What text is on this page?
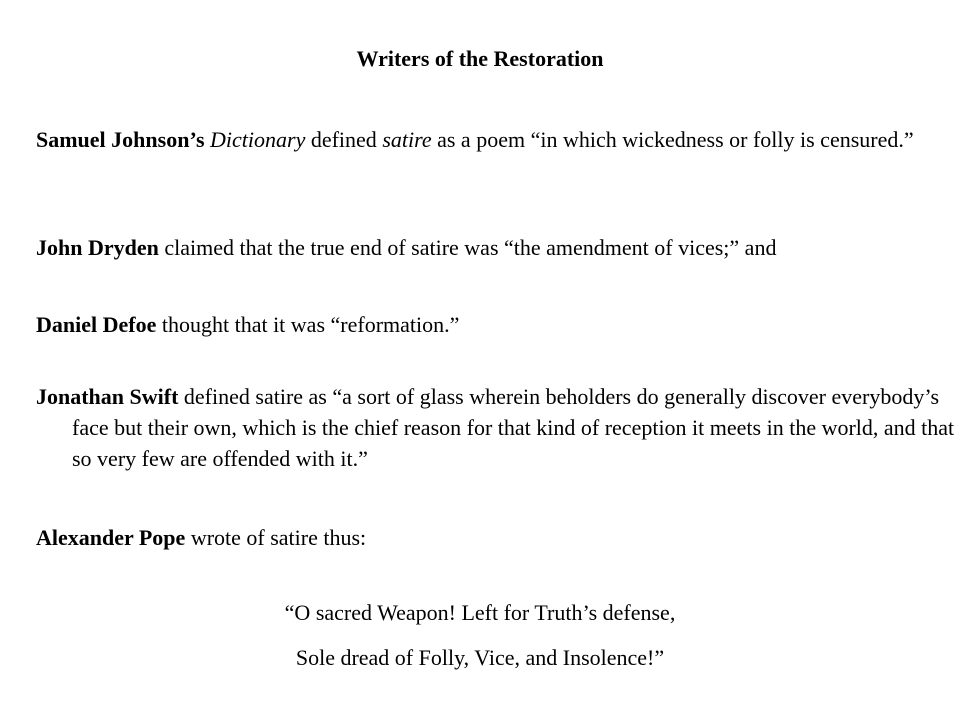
Writers of the Restoration
Samuel Johnson’s Dictionary defined satire as a poem “in which wickedness or folly is censured.”
John Dryden claimed that the true end of satire was “the amendment of vices;” and
Daniel Defoe thought that it was “reformation.”
Jonathan Swift defined satire as “a sort of glass wherein beholders do generally discover everybody’s face but their own, which is the chief reason for that kind of reception it meets in the world, and that so very few are offended with it.”
Alexander Pope wrote of satire thus:
“O sacred Weapon! Left for Truth’s defense,
Sole dread of Folly, Vice, and Insolence!”
